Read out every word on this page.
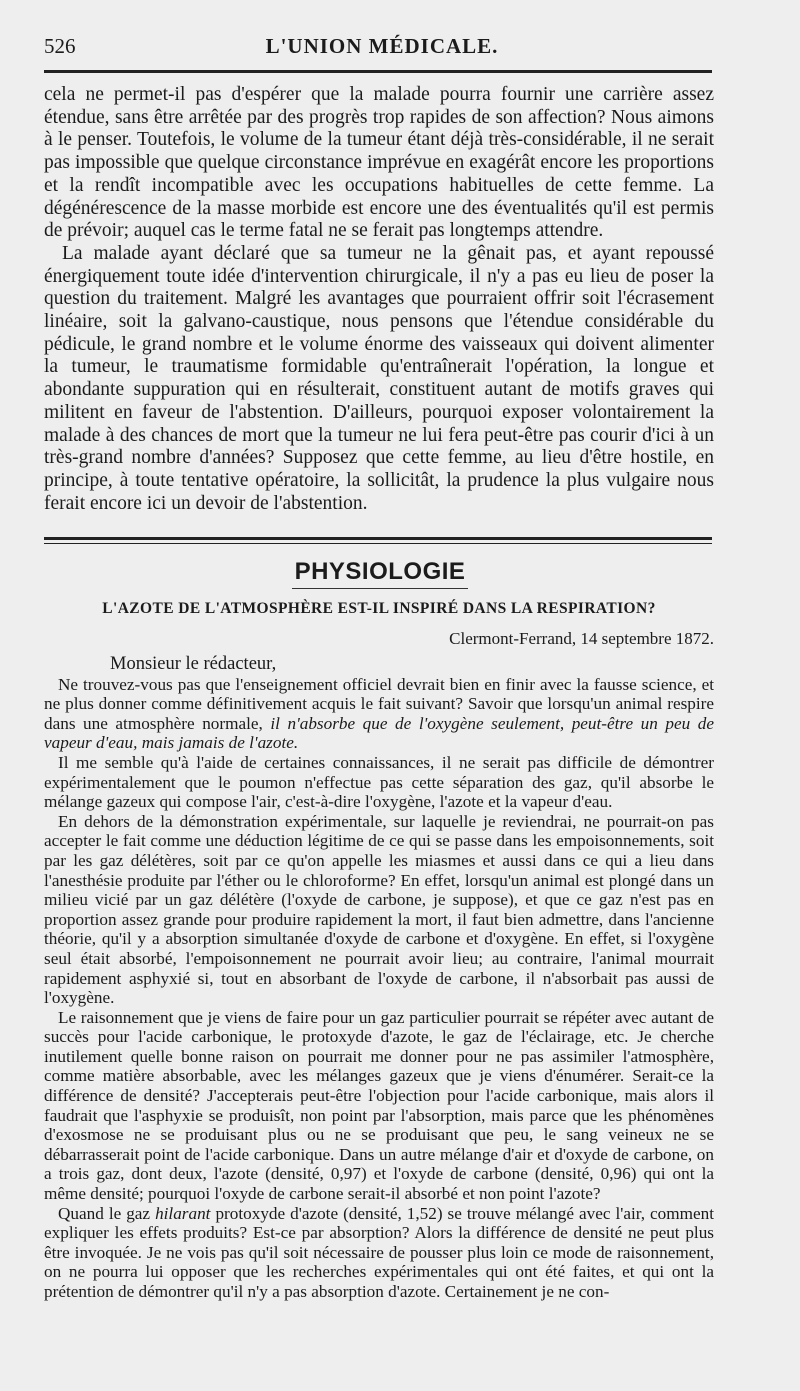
526	L'UNION MÉDICALE.

cela ne permet-il pas d'espérer que la malade pourra fournir une carrière assez étendue, sans être arrêtée par des progrès trop rapides de son affection? Nous aimons à le penser. Toutefois, le volume de la tumeur étant déjà très-considérable, il ne serait pas impossible que quelque circonstance imprévue en exagérât encore les proportions et la rendît incompatible avec les occupations habituelles de cette femme. La dégénérescence de la masse morbide est encore une des éventualités qu'il est permis de prévoir; auquel cas le terme fatal ne se ferait pas longtemps attendre.

La malade ayant déclaré que sa tumeur ne la gênait pas, et ayant repoussé énergiquement toute idée d'intervention chirurgicale, il n'y a pas eu lieu de poser la question du traitement. Malgré les avantages que pourraient offrir soit l'écrasement linéaire, soit la galvano-caustique, nous pensons que l'étendue considérable du pédicule, le grand nombre et le volume énorme des vaisseaux qui doivent alimenter la tumeur, le traumatisme formidable qu'entraînerait l'opération, la longue et abondante suppuration qui en résulterait, constituent autant de motifs graves qui militent en faveur de l'abstention. D'ailleurs, pourquoi exposer volontairement la malade à des chances de mort que la tumeur ne lui fera peut-être pas courir d'ici à un très-grand nombre d'années? Supposez que cette femme, au lieu d'être hostile, en principe, à toute tentative opératoire, la sollicitât, la prudence la plus vulgaire nous ferait encore ici un devoir de l'abstention.

PHYSIOLOGIE
L'AZOTE DE L'ATMOSPHÈRE EST-IL INSPIRÉ DANS LA RESPIRATION?
Clermont-Ferrand, 14 septembre 1872.

Monsieur le rédacteur,

Ne trouvez-vous pas que l'enseignement officiel devrait bien en finir avec la fausse science, et ne plus donner comme définitivement acquis le fait suivant? Savoir que lorsqu'un animal respire dans une atmosphère normale, il n'absorbe que de l'oxygène seulement, peut-être un peu de vapeur d'eau, mais jamais de l'azote.

Il me semble qu'à l'aide de certaines connaissances, il ne serait pas difficile de démontrer expérimentalement que le poumon n'effectue pas cette séparation des gaz, qu'il absorbe le mélange gazeux qui compose l'air, c'est-à-dire l'oxygène, l'azote et la vapeur d'eau.

En dehors de la démonstration expérimentale, sur laquelle je reviendrai, ne pourrait-on pas accepter le fait comme une déduction légitime de ce qui se passe dans les empoisonnements, soit par les gaz délétères, soit par ce qu'on appelle les miasmes et aussi dans ce qui a lieu dans l'anesthésie produite par l'éther ou le chloroforme? En effet, lorsqu'un animal est plongé dans un milieu vicié par un gaz délétère (l'oxyde de carbone, je suppose), et que ce gaz n'est pas en proportion assez grande pour produire rapidement la mort, il faut bien admettre, dans l'ancienne théorie, qu'il y a absorption simultanée d'oxyde de carbone et d'oxygène. En effet, si l'oxygène seul était absorbé, l'empoisonnement ne pourrait avoir lieu; au contraire, l'animal mourrait rapidement asphyxié si, tout en absorbant de l'oxyde de carbone, il n'absorbait pas aussi de l'oxygène.

Le raisonnement que je viens de faire pour un gaz particulier pourrait se répéter avec autant de succès pour l'acide carbonique, le protoxyde d'azote, le gaz de l'éclairage, etc. Je cherche inutilement quelle bonne raison on pourrait me donner pour ne pas assimiler l'atmosphère, comme matière absorbable, avec les mélanges gazeux que je viens d'énumérer. Serait-ce la différence de densité? J'accepterais peut-être l'objection pour l'acide carbonique, mais alors il faudrait que l'asphyxie se produisît, non point par l'absorption, mais parce que les phénomènes d'exosmose ne se produisant plus ou ne se produisant que peu, le sang veineux ne se débarrasserait point de l'acide carbonique. Dans un autre mélange d'air et d'oxyde de carbone, on a trois gaz, dont deux, l'azote (densité, 0,97) et l'oxyde de carbone (densité, 0,96) qui ont la même densité; pourquoi l'oxyde de carbone serait-il absorbé et non point l'azote?

Quand le gaz hilarant protoxyde d'azote (densité, 1,52) se trouve mélangé avec l'air, comment expliquer les effets produits? Est-ce par absorption? Alors la différence de densité ne peut plus être invoquée. Je ne vois pas qu'il soit nécessaire de pousser plus loin ce mode de raisonnement, on ne pourra lui opposer que les recherches expérimentales qui ont été faites, et qui ont la prétention de démontrer qu'il n'y a pas absorption d'azote. Certainement je ne con-
